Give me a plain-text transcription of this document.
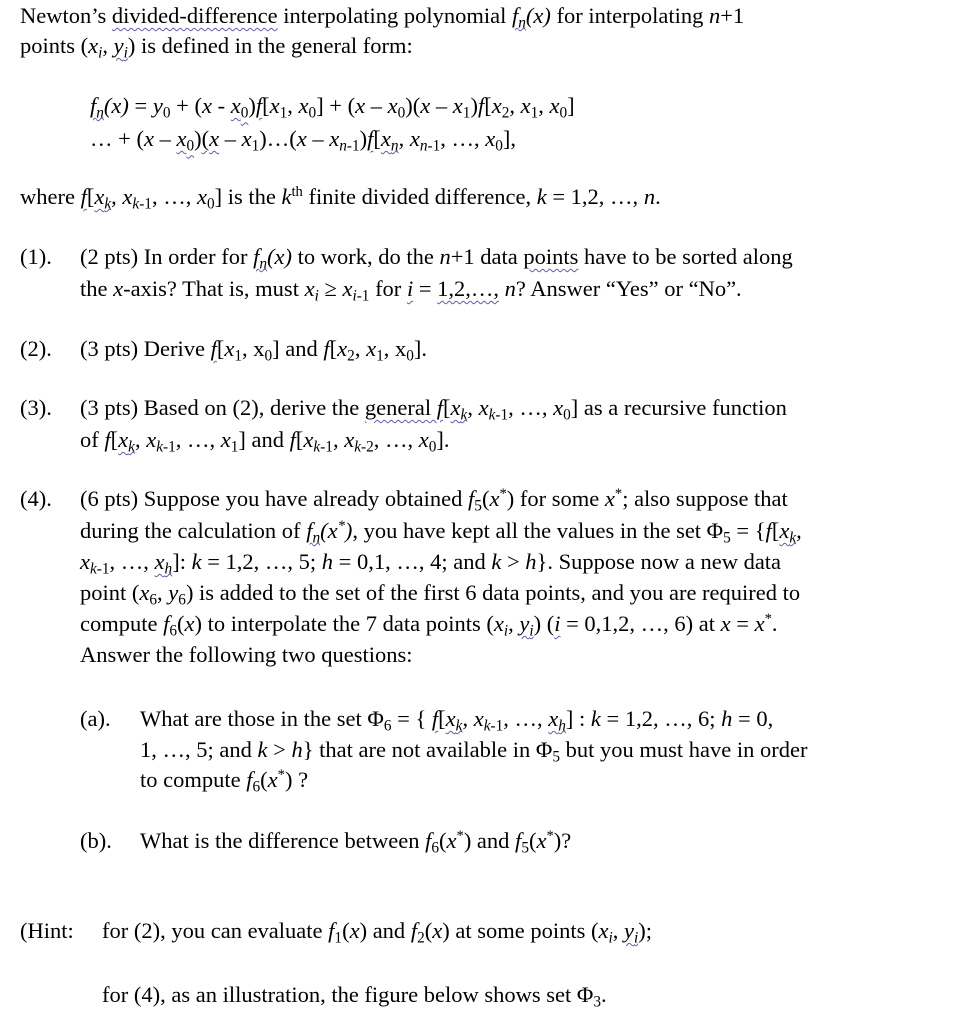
Newton’s divided-difference interpolating polynomial $f_n(x)$ for interpolating n+1
points ($x_i$, $y_i$) is defined in the general form:
$f_n(x) = y_0 + (x - x_0)f[x_1$, $x_0] + (x - x_0)(x - x_1)f[x_2$, $x_1$, $x_0$]
… + $(x - x_0)(x$ – $x_1)\dots(x - x_{n-1})f[x_n$, $x_{n-1}$, …, $x_0$],
where $f[x_k$, $x_{k-1}$, …, $x_0$] is the $k^{th}$ finite divided difference, k = 1,2, …, n.
(1). (2 pts) In order for $f_n(x)$ to work, do the n+1 data points have to be sorted along
the x-axis? That is, must $x_i \ge x_{i-1}$ for i = 1,2,…, n? Answer “Yes” or “No”.
(2). (3 pts) Derive $f[x_1$, $x_0$] and $f[x_2$, $x_1$, $x_0$].
(3). (3 pts) Based on (2), derive the general $f[x_k$, $x_{k-1}$, …, $x_0$] as a recursive function
of $f[x_k$, $x_{k-1}$, …, $x_1$] and $f[x_{k-1}$, $x_{k-2}$, …, $x_0$].
(4). (6 pts) Suppose you have already obtained $f_5(x^*)$ for some x*; also suppose that
during the calculation of $f_n(x^*)$, you have kept all the values in the set $\Phi_5 = \{f[x_k$,
$x_{k-1}$, …, $x_h$]: k = 1,2, …, 5; h = 0,1, …, 4; and k > h}. Suppose now a new data
point ($x_6$, $y_6$) is added to the set of the first 6 data points, and you are required to
compute $f_6(x)$ to interpolate the 7 data points ($x_i$, $y_i$) (i = 0,1,2, …, 6) at x = x*.
Answer the following two questions:
(a). What are those in the set $\Phi_6$ = { $f[x_k$, $x_{k-1}$, …, $x_h$] : k = 1,2, …, 6; h = 0,
1, …, 5; and k > h} that are not available in $\Phi_5$ but you must have in order
to compute $f_6(x^*)$ ?
(b). What is the difference between $f_6(x^*)$ and $f_5(x^*)$?
(Hint: for (2), you can evaluate $f_1(x)$ and $f_2(x)$ at some points ($x_i$, $y_i$);
for (4), as an illustration, the figure below shows set $\Phi_3$.
